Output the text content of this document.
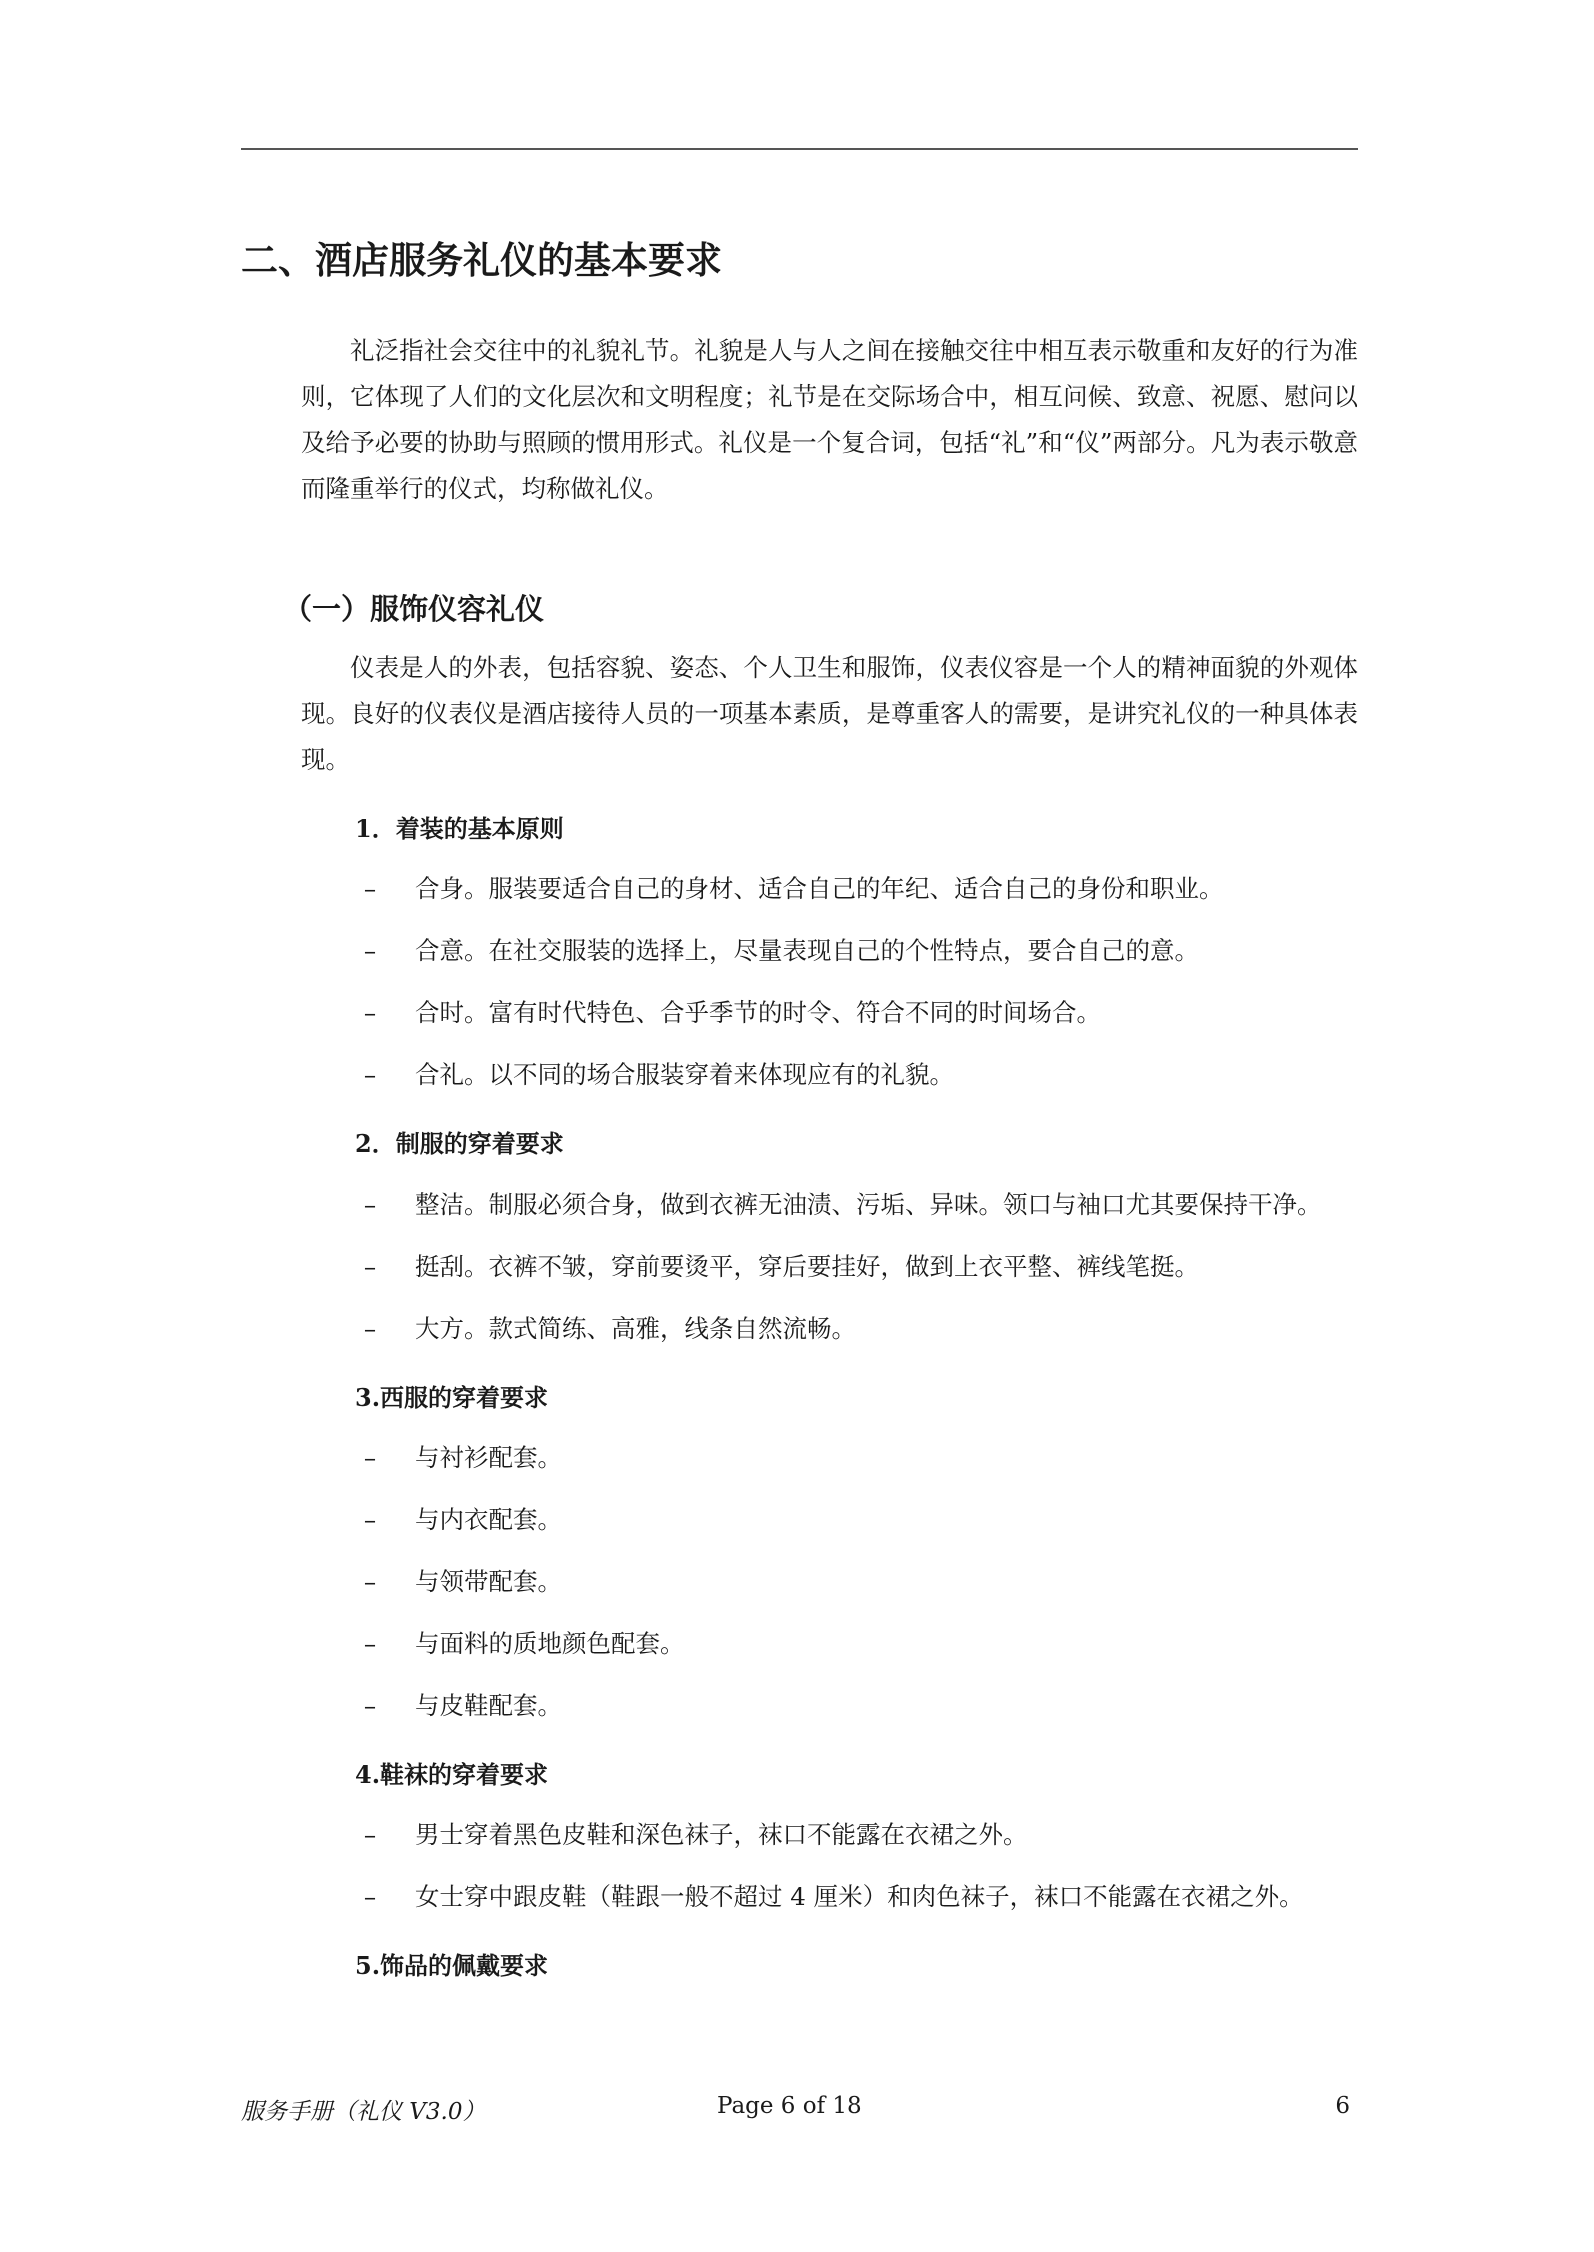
二、酒店服务礼仪的基本要求

礼泛指社会交往中的礼貌礼节。礼貌是人与人之间在接触交往中相互表示敬重和友好的行为准则，它体现了人们的文化层次和文明程度；礼节是在交际场合中，相互问候、致意、祝愿、慰问以及给予必要的协助与照顾的惯用形式。礼仪是一个复合词，包括“礼”和“仪”两部分。凡为表示敬意而隆重举行的仪式，均称做礼仪。

（一）服饰仪容礼仪

仪表是人的外表，包括容貌、姿态、个人卫生和服饰，仪表仪容是一个人的精神面貌的外观体现。良好的仪表仪是酒店接待人员的一项基本素质，是尊重客人的需要，是讲究礼仪的一种具体表现。

1．着装的基本原则
– 合身。服装要适合自己的身材、适合自己的年纪、适合自己的身份和职业。
– 合意。在社交服装的选择上，尽量表现自己的个性特点，要合自己的意。
– 合时。富有时代特色、合乎季节的时令、符合不同的时间场合。
– 合礼。以不同的场合服装穿着来体现应有的礼貌。
2．制服的穿着要求
– 整洁。制服必须合身，做到衣裤无油渍、污垢、异味。领口与袖口尤其要保持干净。
– 挺刮。衣裤不皱，穿前要烫平，穿后要挂好，做到上衣平整、裤线笔挺。
– 大方。款式简练、高雅，线条自然流畅。
3.西服的穿着要求
– 与衬衫配套。
– 与内衣配套。
– 与领带配套。
– 与面料的质地颜色配套。
– 与皮鞋配套。
4.鞋袜的穿着要求
– 男士穿着黑色皮鞋和深色袜子，袜口不能露在衣裙之外。
– 女士穿中跟皮鞋（鞋跟一般不超过 4 厘米）和肉色袜子，袜口不能露在衣裙之外。
5.饰品的佩戴要求
服务手册（礼仪 V3.0）	Page 6 of 18	6
